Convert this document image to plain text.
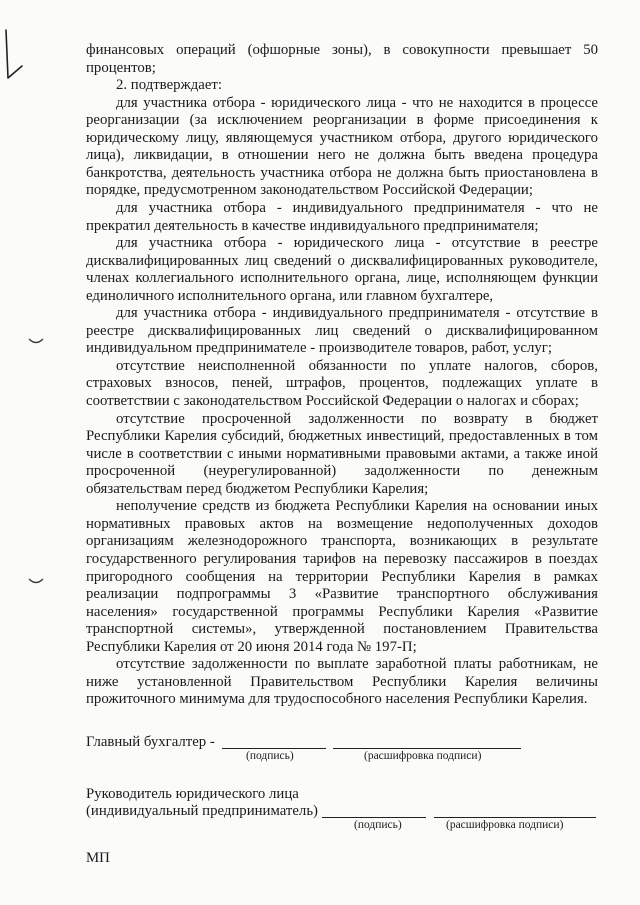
финансовых операций (офшорные зоны), в совокупности превышает 50
процентов;
2. подтверждает:
для участника отбора - юридического лица - что не находится в процессе
реорганизации (за исключением реорганизации в форме присоединения к
юридическому лицу, являющемуся участником отбора, другого юридического
лица), ликвидации, в отношении него не должна быть введена процедура
банкротства, деятельность участника отбора не должна быть приостановлена в
порядке, предусмотренном законодательством Российской Федерации;
для участника отбора - индивидуального предпринимателя - что не
прекратил деятельность в качестве индивидуального предпринимателя;
для участника отбора - юридического лица - отсутствие в реестре
дисквалифицированных лиц сведений о дисквалифицированных руководителе,
членах коллегиального исполнительного органа, лице, исполняющем функции
единоличного исполнительного органа, или главном бухгалтере,
для участника отбора - индивидуального предпринимателя - отсутствие в
реестре дисквалифицированных лиц сведений о дисквалифицированном
индивидуальном предпринимателе - производителе товаров, работ, услуг;
отсутствие неисполненной обязанности по уплате налогов, сборов,
страховых взносов, пеней, штрафов, процентов, подлежащих уплате в
соответствии с законодательством Российской Федерации о налогах и сборах;
отсутствие просроченной задолженности по возврату в бюджет
Республики Карелия субсидий, бюджетных инвестиций, предоставленных в том
числе в соответствии с иными нормативными правовыми актами, а также иной
просроченной (неурегулированной) задолженности по денежным
обязательствам перед бюджетом Республики Карелия;
неполучение средств из бюджета Республики Карелия на основании иных
нормативных правовых актов на возмещение недополученных доходов
организациям железнодорожного транспорта, возникающих в результате
государственного регулирования тарифов на перевозку пассажиров в поездах
пригородного сообщения на территории Республики Карелия в рамках
реализации подпрограммы 3 «Развитие транспортного обслуживания
населения» государственной программы Республики Карелия «Развитие
транспортной системы», утвержденной постановлением Правительства
Республики Карелия от 20 июня 2014 года № 197-П;
отсутствие задолженности по выплате заработной платы работникам, не
ниже установленной Правительством Республики Карелия величины
прожиточного минимума для трудоспособного населения Республики Карелия.
Главный бухгалтер -
(подпись)	(расшифровка подписи)
Руководитель юридического лица
(индивидуальный предприниматель)
(подпись)	(расшифровка подписи)
МП
